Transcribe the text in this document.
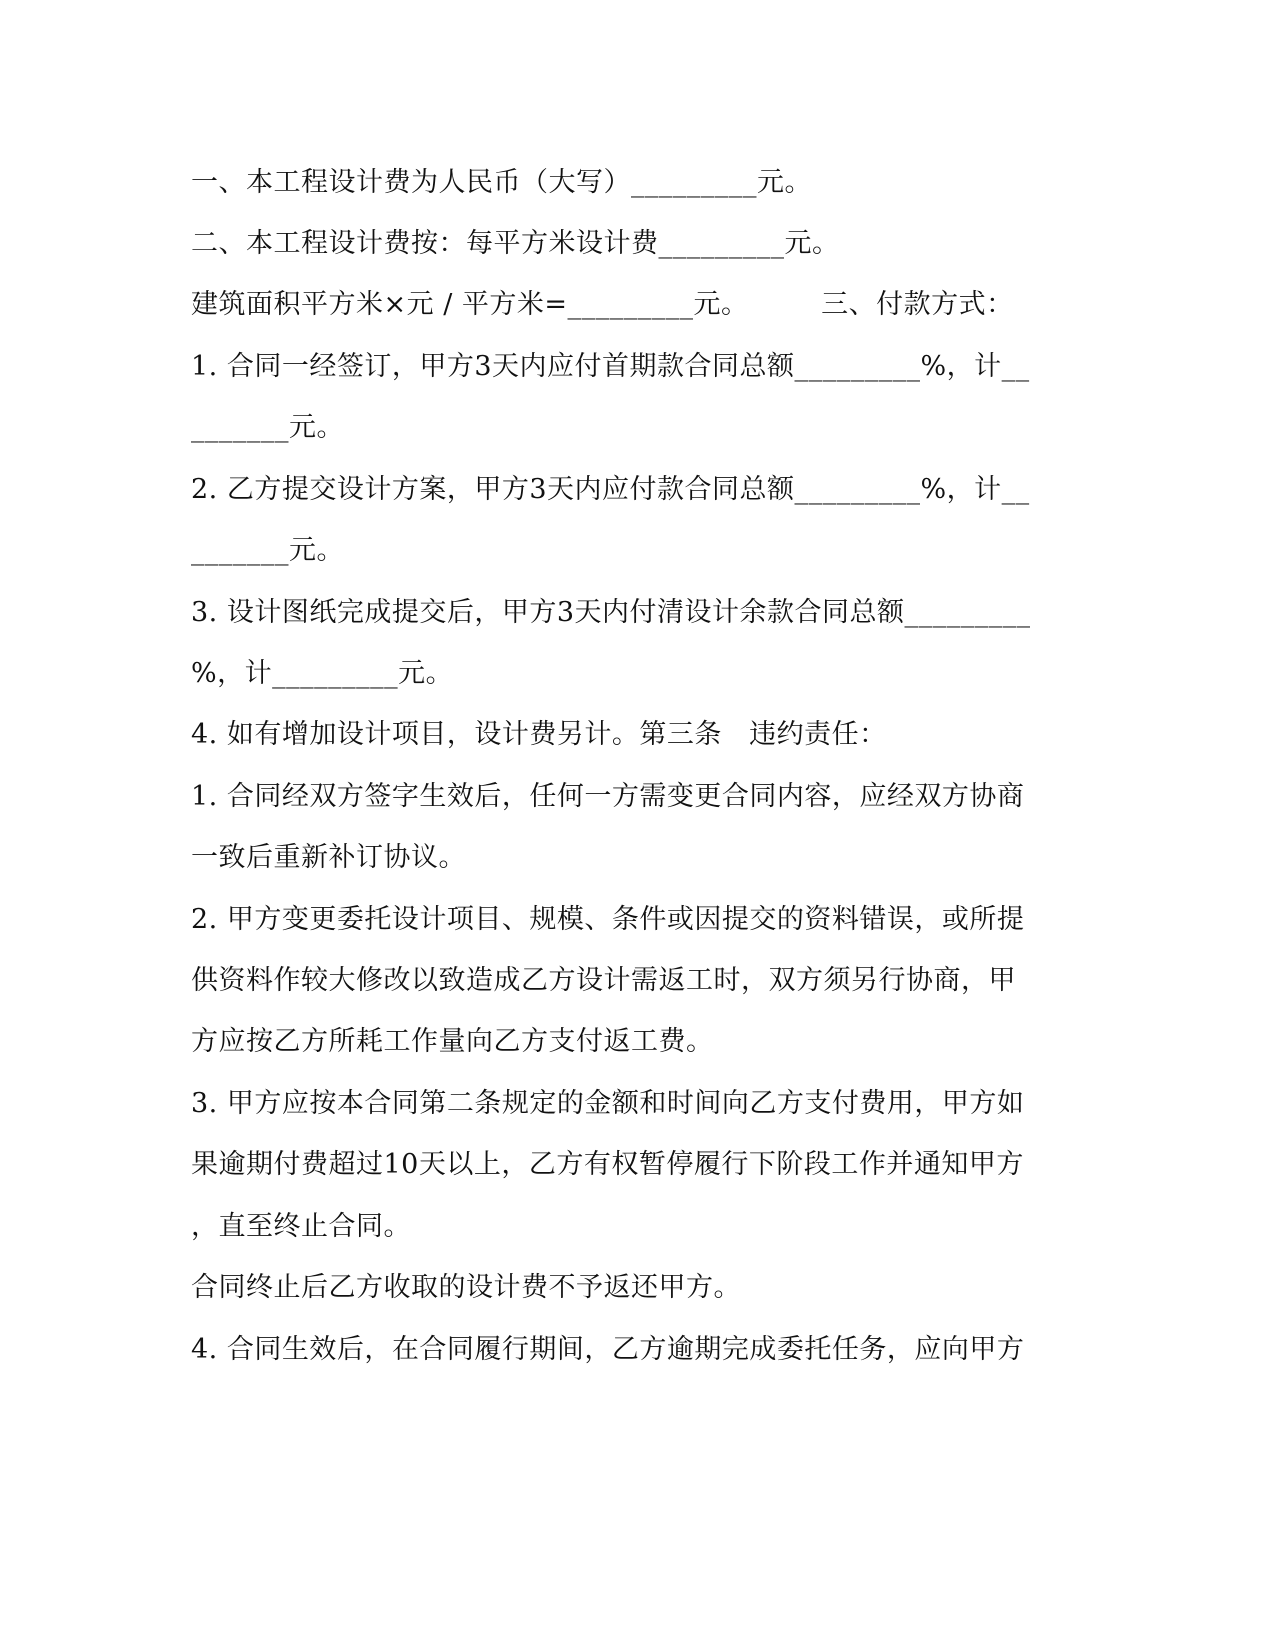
一、本工程设计费为人民币（大写）_________元。
二、本工程设计费按：每平方米设计费_________元。
建筑面积平方米×元 / 平方米=_________元。        三、付款方式：
1. 合同一经签订，甲方3天内应付首期款合同总额_________%，计__
_______元。
2. 乙方提交设计方案，甲方3天内应付款合同总额_________%，计__
_______元。
3. 设计图纸完成提交后，甲方3天内付清设计余款合同总额_________
%，计_________元。
4. 如有增加设计项目，设计费另计。第三条   违约责任：
1. 合同经双方签字生效后，任何一方需变更合同内容，应经双方协商
一致后重新补订协议。
2. 甲方变更委托设计项目、规模、条件或因提交的资料错误，或所提
供资料作较大修改以致造成乙方设计需返工时，双方须另行协商，甲
方应按乙方所耗工作量向乙方支付返工费。
3. 甲方应按本合同第二条规定的金额和时间向乙方支付费用，甲方如
果逾期付费超过10天以上，乙方有权暂停履行下阶段工作并通知甲方
，直至终止合同。
合同终止后乙方收取的设计费不予返还甲方。
4. 合同生效后，在合同履行期间，乙方逾期完成委托任务，应向甲方
